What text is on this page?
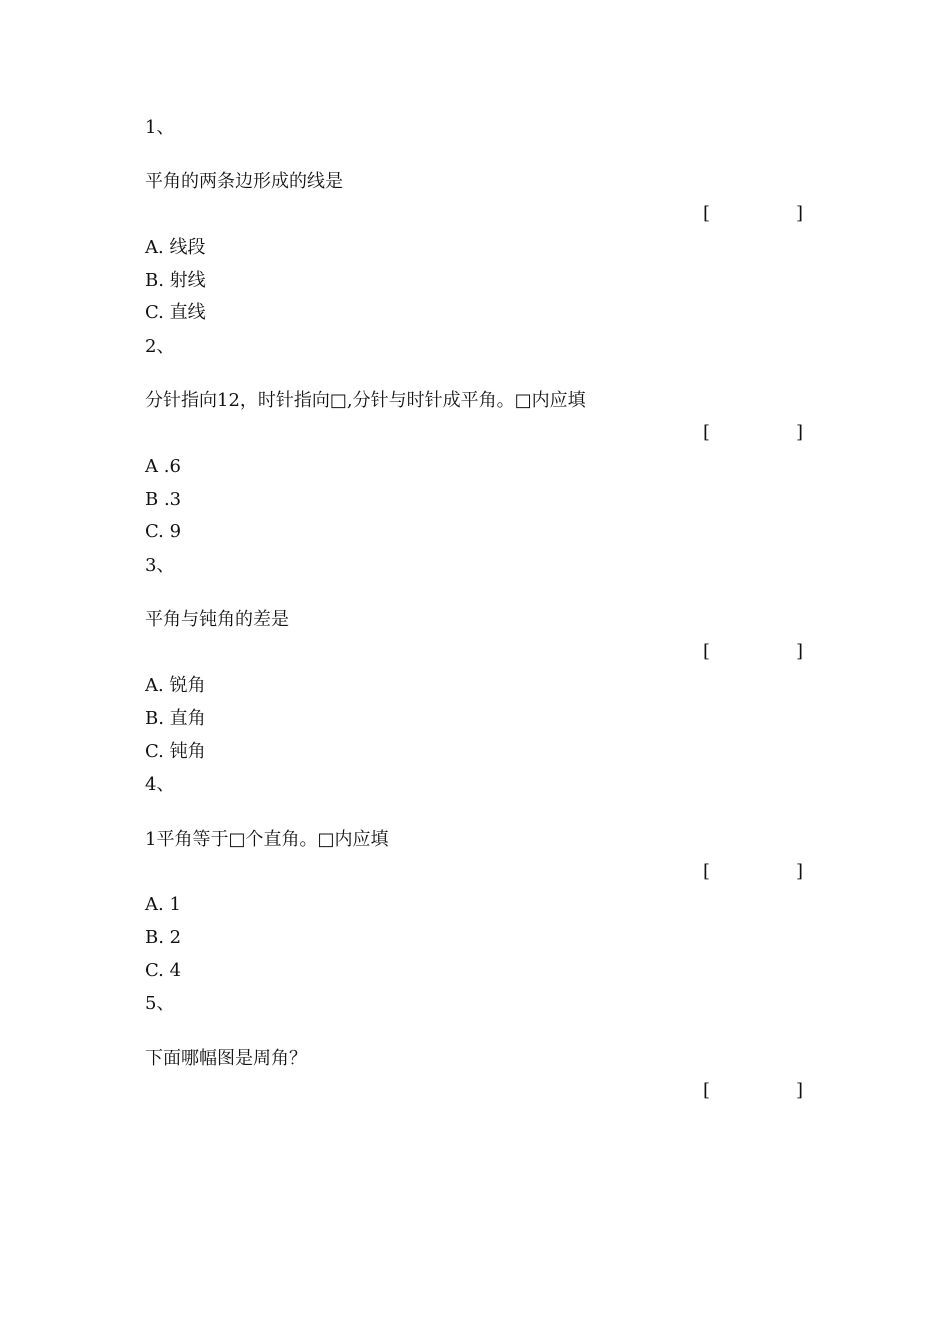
1、
平角的两条边形成的线是
[	]
A. 线段
B. 射线
C. 直线
2、
分针指向12，时针指向□,分针与时针成平角。□内应填
[	]
A .6
B .3
C. 9
3、
平角与钝角的差是
[	]
A. 锐角
B. 直角
C. 钝角
4、
1平角等于□个直角。□内应填
[	]
A. 1
B. 2
C. 4
5、
下面哪幅图是周角？
[	]
